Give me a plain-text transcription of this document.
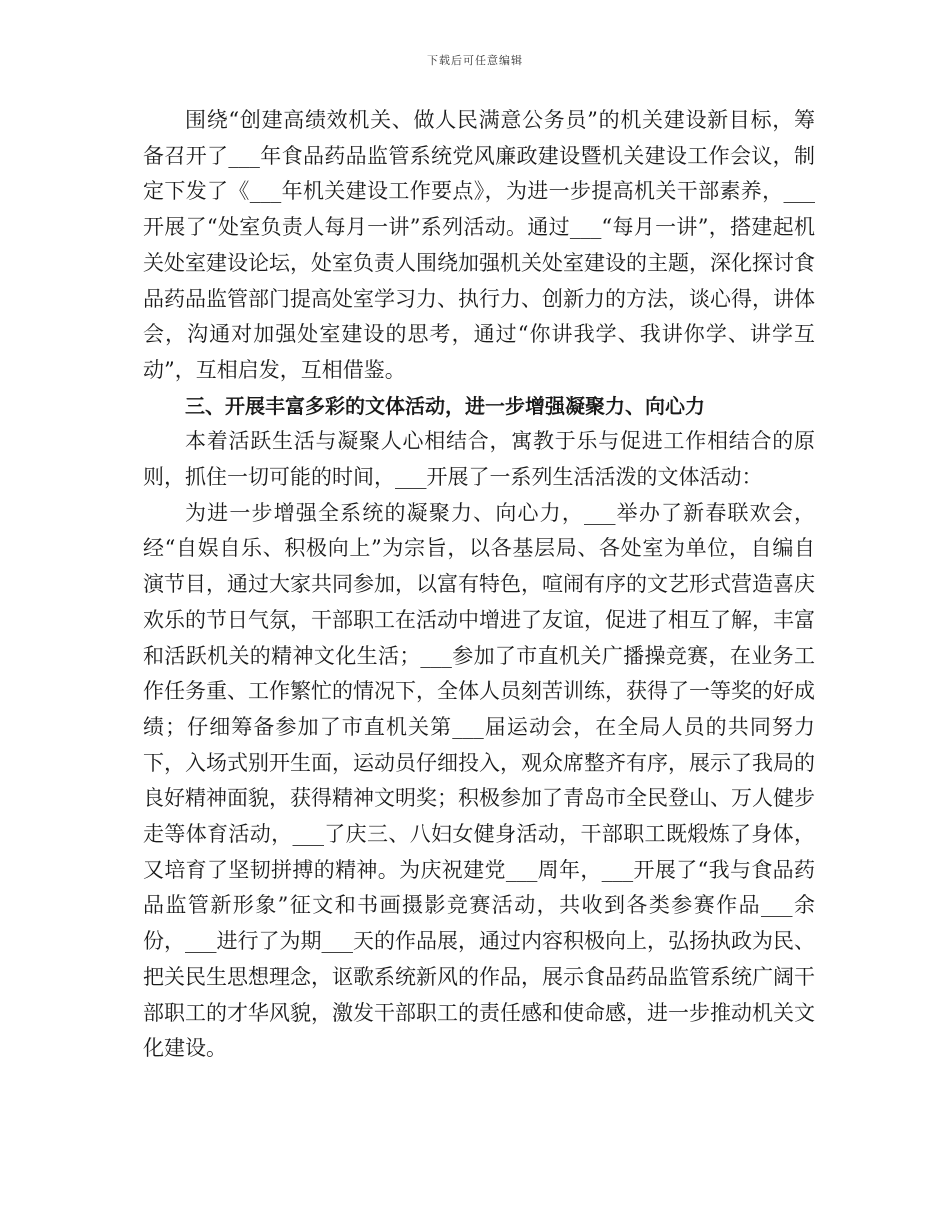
下载后可任意编辑

围绕“创建高绩效机关、做人民满意公务员”的机关建设新目标，筹备召开了___年食品药品监管系统党风廉政建设暨机关建设工作会议，制定下发了《___年机关建设工作要点》，为进一步提高机关干部素养，___开展了“处室负责人每月一讲”系列活动。通过___“每月一讲”，搭建起机关处室建设论坛，处室负责人围绕加强机关处室建设的主题，深化探讨食品药品监管部门提高处室学习力、执行力、创新力的方法，谈心得，讲体会，沟通对加强处室建设的思考，通过“你讲我学、我讲你学、讲学互动”，互相启发，互相借鉴。

三、开展丰富多彩的文体活动，进一步增强凝聚力、向心力

本着活跃生活与凝聚人心相结合，寓教于乐与促进工作相结合的原则，抓住一切可能的时间，___开展了一系列生活活泼的文体活动：

为进一步增强全系统的凝聚力、向心力，___举办了新春联欢会，经“自娱自乐、积极向上”为宗旨，以各基层局、各处室为单位，自编自演节目，通过大家共同参加，以富有特色，喧闹有序的文艺形式营造喜庆欢乐的节日气氛，干部职工在活动中增进了友谊，促进了相互了解，丰富和活跃机关的精神文化生活；___参加了市直机关广播操竞赛，在业务工作任务重、工作繁忙的情况下，全体人员刻苦训练，获得了一等奖的好成绩；仔细筹备参加了市直机关第___届运动会，在全局人员的共同努力下，入场式别开生面，运动员仔细投入，观众席整齐有序，展示了我局的良好精神面貌，获得精神文明奖；积极参加了青岛市全民登山、万人健步走等体育活动，___了庆三、八妇女健身活动，干部职工既煅炼了身体，又培育了坚韧拼搏的精神。为庆祝建党___周年，___开展了“我与食品药品监管新形象”征文和书画摄影竞赛活动，共收到各类参赛作品___余份，___进行了为期___天的作品展，通过内容积极向上，弘扬执政为民、把关民生思想理念，讴歌系统新风的作品，展示食品药品监管系统广阔干部职工的才华风貌，激发干部职工的责任感和使命感，进一步推动机关文化建设。
